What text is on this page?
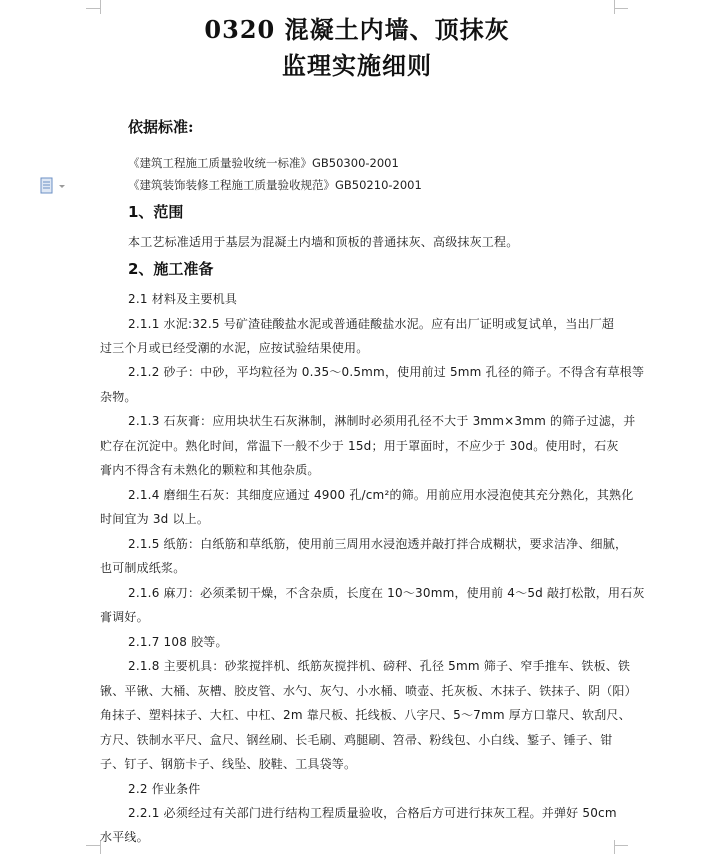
0320 混凝土内墙、顶抹灰
监理实施细则
依据标准:
《建筑工程施工质量验收统一标准》GB50300-2001
《建筑装饰装修工程施工质量验收规范》GB50210-2001
1、范围
本工艺标准适用于基层为混凝土内墙和顶板的普通抹灰、高级抹灰工程。
2、施工准备
2.1 材料及主要机具
2.1.1 水泥:32.5 号矿渣硅酸盐水泥或普通硅酸盐水泥。应有出厂证明或复试单，当出厂超
过三个月或已经受潮的水泥，应按试验结果使用。
2.1.2 砂子：中砂，平均粒径为 0.35～0.5mm，使用前过 5mm 孔径的筛子。不得含有草根等
杂物。
2.1.3 石灰膏：应用块状生石灰淋制，淋制时必须用孔径不大于 3mm×3mm 的筛子过滤，并
贮存在沉淀中。熟化时间，常温下一般不少于 15d；用于罩面时，不应少于 30d。使用时，石灰
膏内不得含有未熟化的颗粒和其他杂质。
2.1.4 磨细生石灰：其细度应通过 4900 孔/cm²的筛。用前应用水浸泡使其充分熟化，其熟化
时间宜为 3d 以上。
2.1.5 纸筋：白纸筋和草纸筋，使用前三周用水浸泡透并敲打拌合成糊状，要求洁净、细腻，
也可制成纸浆。
2.1.6 麻刀：必须柔韧干燥，不含杂质，长度在 10～30mm，使用前 4～5d 敲打松散，用石灰
膏调好。
2.1.7 108 胶等。
2.1.8 主要机具：砂浆搅拌机、纸筋灰搅拌机、磅秤、孔径 5mm 筛子、窄手推车、铁板、铁
锹、平锹、大桶、灰槽、胶皮管、水勺、灰勺、小水桶、喷壶、托灰板、木抹子、铁抹子、阴（阳）
角抹子、塑料抹子、大杠、中杠、2m 靠尺板、托线板、八字尺、5～7mm 厚方口靠尺、软刮尺、
方尺、铁制水平尺、盒尺、钢丝刷、长毛刷、鸡腿刷、笤帚、粉线包、小白线、錾子、锤子、钳
子、钉子、钢筋卡子、线坠、胶鞋、工具袋等。
2.2 作业条件
2.2.1 必须经过有关部门进行结构工程质量验收，合格后方可进行抹灰工程。并弹好 50cm
水平线。
